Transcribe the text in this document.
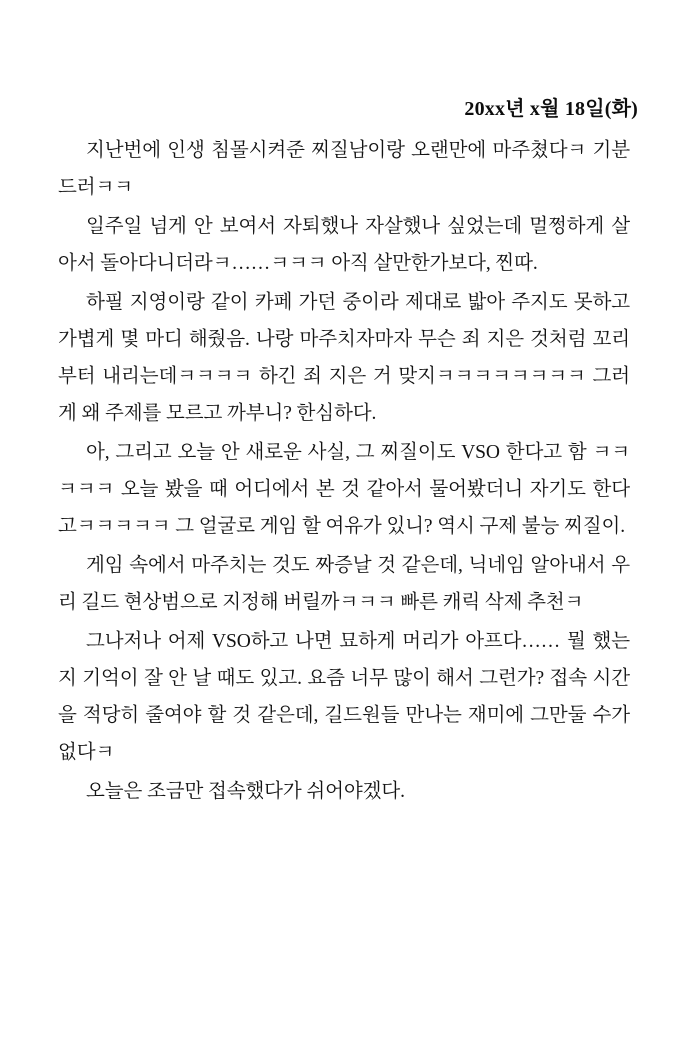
20xx년 x월 18일(화)

지난번에 인생 침몰시켜준 찌질남이랑 오랜만에 마주쳤다ㅋ 기분 드러ㅋㅋ

일주일 넘게 안 보여서 자퇴했나 자살했나 싶었는데 멀쩡하게 살아서 돌아다니더라ㅋ……ㅋㅋㅋ 아직 살만한가보다, 찐따.

하필 지영이랑 같이 카페 가던 중이라 제대로 밟아 주지도 못하고 가볍게 몇 마디 해줬음. 나랑 마주치자마자 무슨 죄 지은 것처럼 꼬리부터 내리는데ㅋㅋㅋㅋ 하긴 죄 지은 거 맞지ㅋㅋㅋㅋㅋㅋㅋㅋ 그러게 왜 주제를 모르고 까부니? 한심하다.

아, 그리고 오늘 안 새로운 사실, 그 찌질이도 VSO 한다고 함 ㅋㅋㅋㅋㅋ 오늘 봤을 때 어디에서 본 것 같아서 물어봤더니 자기도 한다고ㅋㅋㅋㅋㅋ 그 얼굴로 게임 할 여유가 있니? 역시 구제 불능 찌질이.

게임 속에서 마주치는 것도 짜증날 것 같은데, 닉네임 알아내서 우리 길드 현상범으로 지정해 버릴까ㅋㅋㅋ 빠른 캐릭 삭제 추천ㅋ

그나저나 어제 VSO하고 나면 묘하게 머리가 아프다…… 뭘 했는지 기억이 잘 안 날 때도 있고. 요즘 너무 많이 해서 그런가? 접속 시간을 적당히 줄여야 할 것 같은데, 길드원들 만나는 재미에 그만둘 수가 없다ㅋ

오늘은 조금만 접속했다가 쉬어야겠다.
